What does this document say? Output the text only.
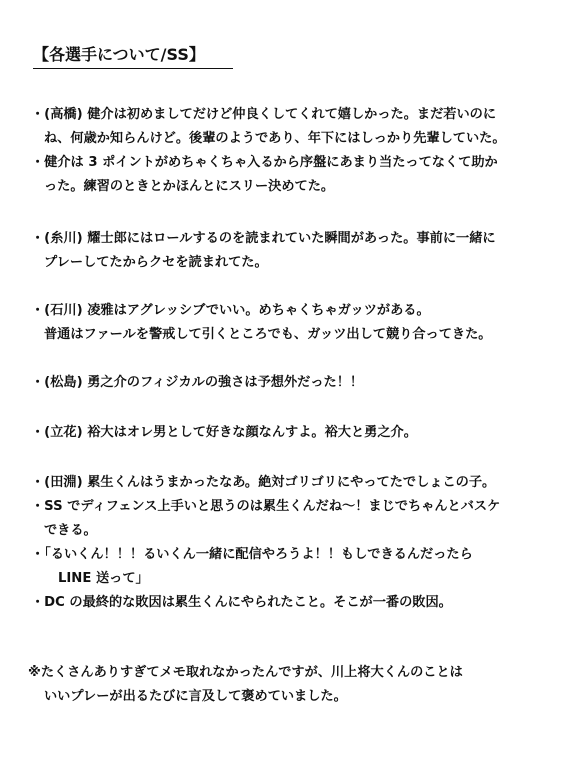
【各選手について/SS】
・(高橋) 健介は初めましてだけど仲良くしてくれて嬉しかった。まだ若いのに
ね、何歳か知らんけど。後輩のようであり、年下にはしっかり先輩していた。
・健介は 3 ポイントがめちゃくちゃ入るから序盤にあまり当たってなくて助か
った。練習のときとかほんとにスリー決めてた。
・(糸川) 耀士郎にはロールするのを読まれていた瞬間があった。事前に一緒に
プレーしてたからクセを読まれてた。
・(石川) 凌雅はアグレッシブでいい。めちゃくちゃガッツがある。
普通はファールを警戒して引くところでも、ガッツ出して競り合ってきた。
・(松島) 勇之介のフィジカルの強さは予想外だった！！
・(立花) 裕大はオレ男として好きな顔なんすよ。裕大と勇之介。
・(田淵) 累生くんはうまかったなあ。絶対ゴリゴリにやってたでしょこの子。
・SS でディフェンス上手いと思うのは累生くんだね～！まじでちゃんとバスケ
できる。
・「るいくん！！！るいくん一緒に配信やろうよ！！もしできるんだったら
LINE 送って」
・DC の最終的な敗因は累生くんにやられたこと。そこが一番の敗因。
※たくさんありすぎてメモ取れなかったんですが、川上将大くんのことは
いいプレーが出るたびに言及して褒めていました。
